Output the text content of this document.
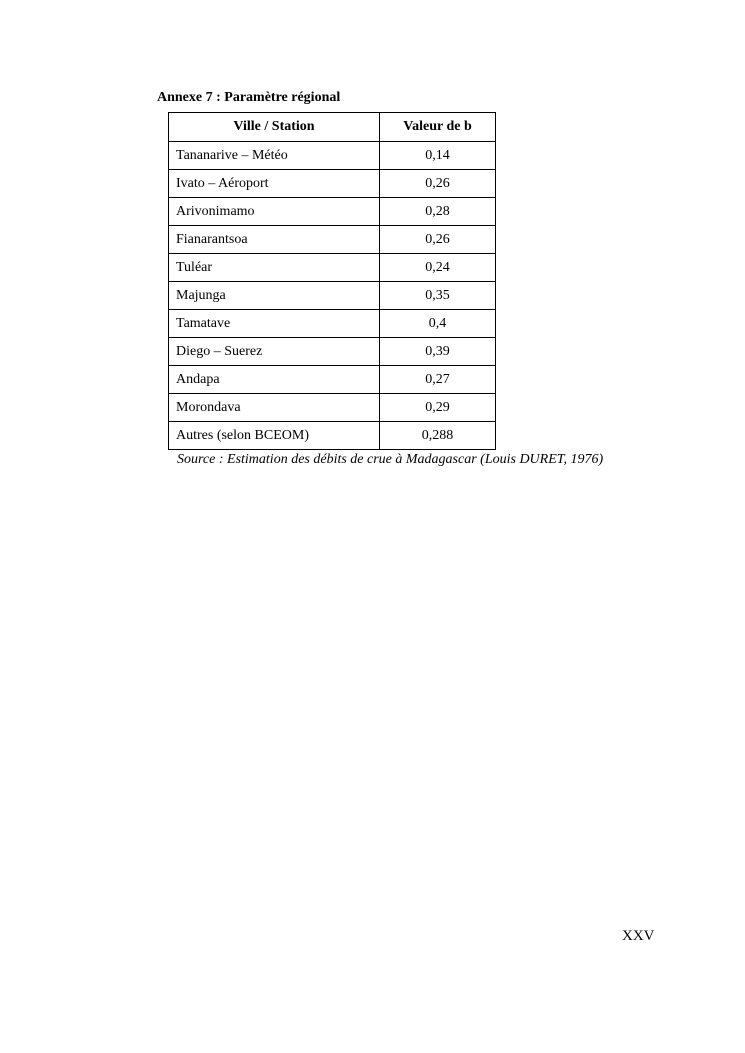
Annexe 7 : Paramètre régional
Ville / Station	Valeur de b
Tananarive – Météo	0,14
Ivato – Aéroport	0,26
Arivonimamo	0,28
Fianarantsoa	0,26
Tuléar	0,24
Majunga	0,35
Tamatave	0,4
Diego – Suerez	0,39
Andapa	0,27
Morondava	0,29
Autres (selon BCEOM)	0,288
Source : Estimation des débits de crue à Madagascar (Louis DURET, 1976)
XXV
